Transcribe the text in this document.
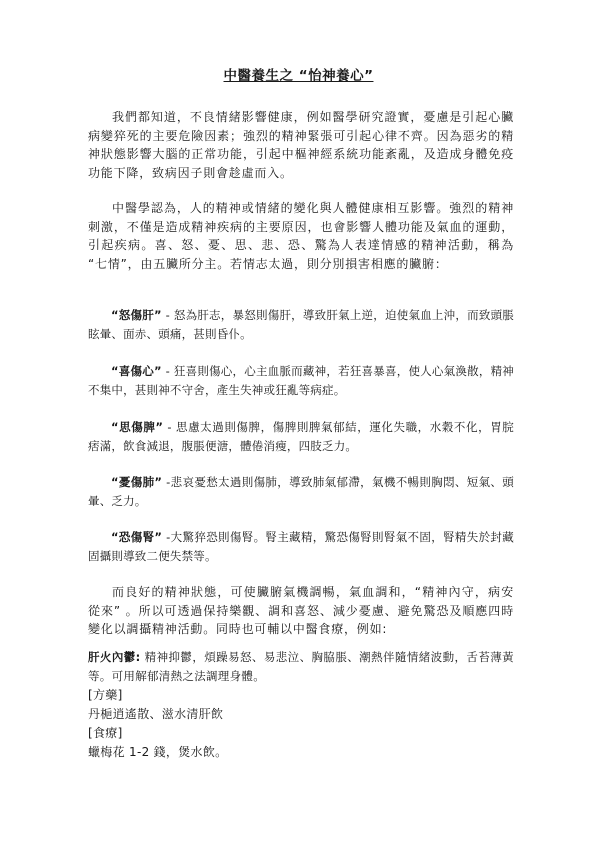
中醫養生之 “怡神養心”
我們都知道，不良情緒影響健康，例如醫學研究證實，憂慮是引起心臟病變猝死的主要危險因素；強烈的精神緊張可引起心律不齊。因為惡劣的精神狀態影響大腦的正常功能，引起中樞神經系統功能紊亂，及造成身體免疫功能下降，致病因子則會趁虛而入。
中醫學認為，人的精神或情緒的變化與人體健康相互影響。強烈的精神刺激，不僅是造成精神疾病的主要原因，也會影響人體功能及氣血的運動，引起疾病。喜、怒、憂、思、悲、恐、驚為人表達情感的精神活動，稱為 “七情”，由五臟所分主。若情志太過，則分別損害相應的臟腑：
“怒傷肝” - 怒為肝志，暴怒則傷肝，導致肝氣上逆，迫使氣血上沖，而致頭脹眩暈、面赤、頭痛，甚則昏仆。
“喜傷心” - 狂喜則傷心，心主血脈而藏神，若狂喜暴喜，使人心氣渙散，精神不集中，甚則神不守舍，產生失神或狂亂等病症。
“思傷脾” - 思慮太過則傷脾，傷脾則脾氣郁結，運化失職，水穀不化，胃脘 痞滿，飲食減退，腹脹便溏，體倦消瘦，四肢乏力。
“憂傷肺” -悲哀憂愁太過則傷肺，導致肺氣郁滯，氣機不暢則胸悶、短氣、頭暈、乏力。
“恐傷腎” -大驚猝恐則傷腎。腎主藏精，驚恐傷腎則腎氣不固，腎精失於封藏固攝則導致二便失禁等。
而良好的精神狀態，可使臟腑氣機調暢，氣血調和，“精神內守，病安從來” 。所以可透過保持樂觀、調和喜怒、減少憂慮、避免驚恐及順應四時變化以調攝精神活動。同時也可輔以中醫食療，例如:
肝火內鬱: 精神抑鬱，煩躁易怒、易悲泣、胸脇脹、潮熱伴隨情緒波動，舌苔薄黃等。可用解郁清熱之法調理身體。
[方藥]
丹梔逍遙散、滋水清肝飲
[食療]
蠟梅花 1-2 錢，煲水飲。
